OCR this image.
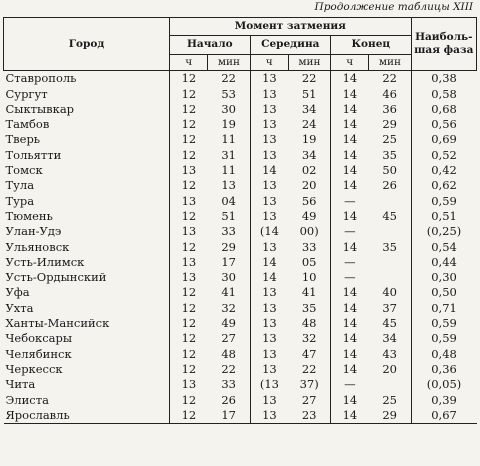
Продолжение таблицы XIII
Город	Момент затмения						Наиболь-шая фаза
	Начало		Середина		Конец		
	ч	мин	ч	мин	ч	мин	
Ставрополь	12	22	13	22	14	22	0,38
Сургут	12	53	13	51	14	46	0,58
Сыктывкар	12	30	13	34	14	36	0,68
Тамбов	12	19	13	24	14	29	0,56
Тверь	12	11	13	19	14	25	0,69
Тольятти	12	31	13	34	14	35	0,52
Томск	13	11	14	02	14	50	0,42
Тула	12	13	13	20	14	26	0,62
Тура	13	04	13	56	—		0,59
Тюмень	12	51	13	49	14	45	0,51
Улан-Удэ	13	33	(14	00)	—		(0,25)
Ульяновск	12	29	13	33	14	35	0,54
Усть-Илимск	13	17	14	05	—		0,44
Усть-Ордынский	13	30	14	10	—		0,30
Уфа	12	41	13	41	14	40	0,50
Ухта	12	32	13	35	14	37	0,71
Ханты-Мансийск	12	49	13	48	14	45	0,59
Чебоксары	12	27	13	32	14	34	0,59
Челябинск	12	48	13	47	14	43	0,48
Черкесск	12	22	13	22	14	20	0,36
Чита	13	33	(13	37)	—		(0,05)
Элиста	12	26	13	27	14	25	0,39
Ярославль	12	17	13	23	14	29	0,67
